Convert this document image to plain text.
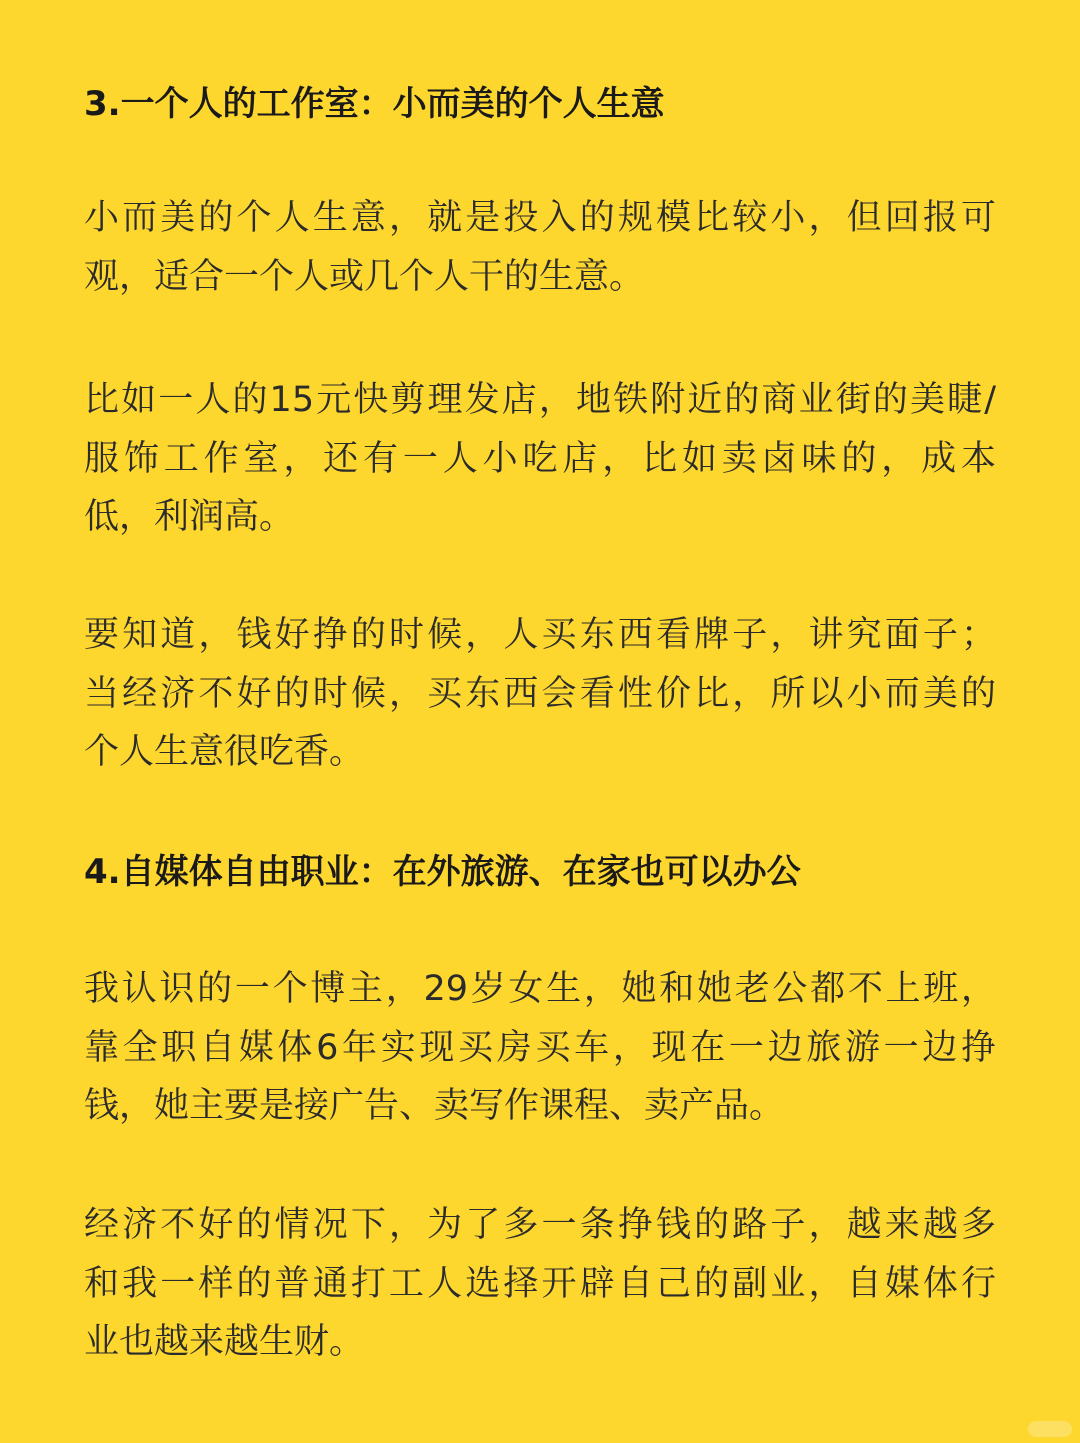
3.一个人的工作室：小而美的个人生意
小而美的个人生意，就是投入的规模比较小，但回报可
观，适合一个人或几个人干的生意。
比如一人的15元快剪理发店，地铁附近的商业街的美睫/
服饰工作室，还有一人小吃店，比如卖卤味的，成本
低，利润高。
要知道，钱好挣的时候，人买东西看牌子，讲究面子；
当经济不好的时候，买东西会看性价比，所以小而美的
个人生意很吃香。
4.自媒体自由职业：在外旅游、在家也可以办公
我认识的一个博主，29岁女生，她和她老公都不上班，
靠全职自媒体6年实现买房买车，现在一边旅游一边挣
钱，她主要是接广告、卖写作课程、卖产品。
经济不好的情况下，为了多一条挣钱的路子，越来越多
和我一样的普通打工人选择开辟自己的副业，自媒体行
业也越来越生财。
